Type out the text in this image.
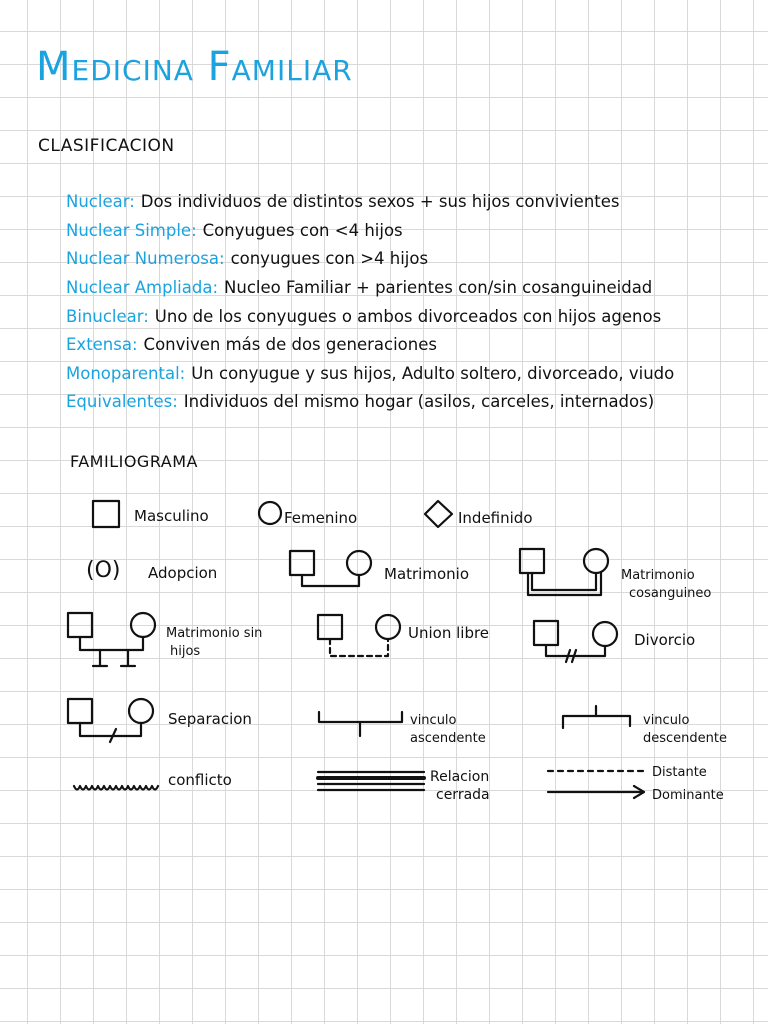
Medicina Familiar
CLASIFICACION
Nuclear: Dos individuos de distintos sexos + sus hijos convivientes
Nuclear Simple: Conyugues con <4 hijos
Nuclear Numerosa: conyugues con >4 hijos
Nuclear Ampliada: Nucleo Familiar + parientes con/sin cosanguineidad
Binuclear: Uno de los conyugues o ambos divorceados con hijos agenos
Extensa: Conviven más de dos generaciones
Monoparental: Un conyugue y sus hijos, Adulto soltero, divorceado, viudo
Equivalentes: Individuos del mismo hogar (asilos, carceles, internados)
FAMILIOGRAMA
Masculino	Femenino	Indefinido
(O) Adopcion	Matrimonio	Matrimonio
cosanguineo
Matrimonio sin
hijos
Union libre	Divorcio
Separacion	vinculo
ascendente
vinculo
descendente
conflicto	Relacion
cerrada
Distante
Dominante
